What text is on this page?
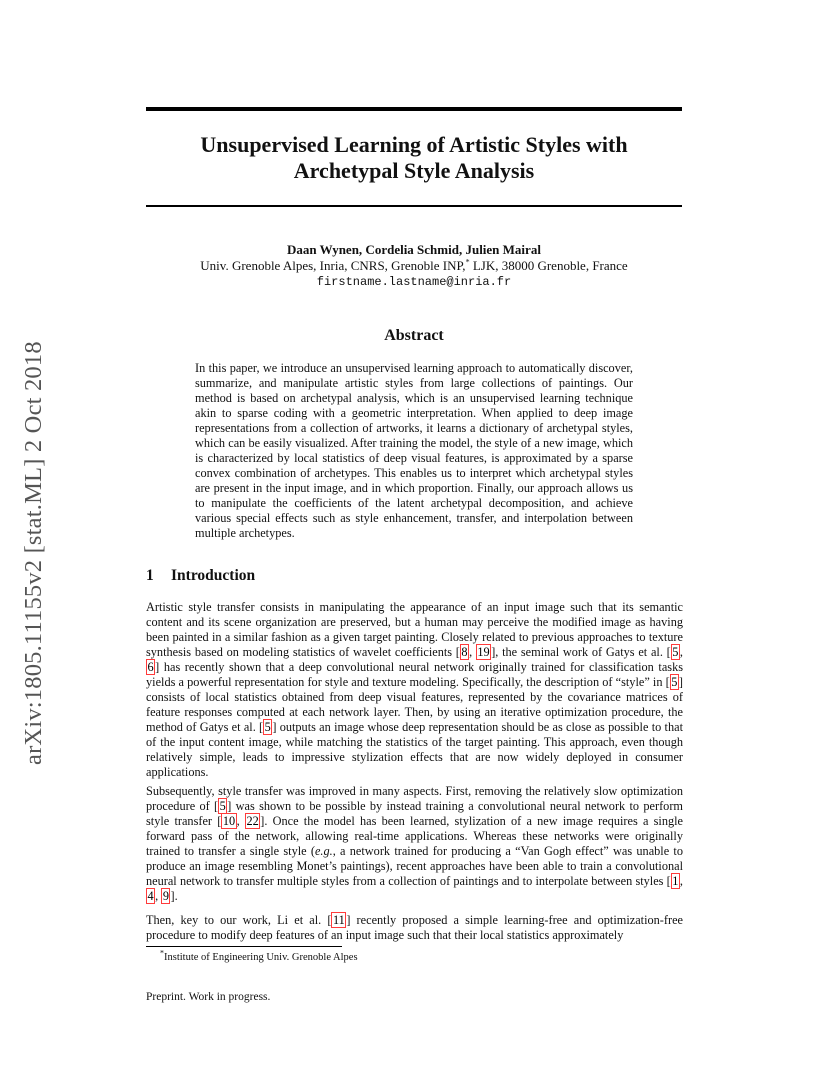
arXiv:1805.11155v2 [stat.ML] 2 Oct 2018
Unsupervised Learning of Artistic Styles with
Archetypal Style Analysis
Daan Wynen, Cordelia Schmid, Julien Mairal
Univ. Grenoble Alpes, Inria, CNRS, Grenoble INP,* LJK, 38000 Grenoble, France
firstname.lastname@inria.fr
Abstract
In this paper, we introduce an unsupervised learning approach to automatically discover, summarize, and manipulate artistic styles from large collections of paintings. Our method is based on archetypal analysis, which is an unsupervised learning technique akin to sparse coding with a geometric interpretation. When applied to deep image representations from a collection of artworks, it learns a dictionary of archetypal styles, which can be easily visualized. After training the model, the style of a new image, which is characterized by local statistics of deep visual features, is approximated by a sparse convex combination of archetypes. This enables us to interpret which archetypal styles are present in the input image, and in which proportion. Finally, our approach allows us to manipulate the coefficients of the latent archetypal decomposition, and achieve various special effects such as style enhancement, transfer, and interpolation between multiple archetypes.
1 Introduction

Artistic style transfer consists in manipulating the appearance of an input image such that its semantic content and its scene organization are preserved, but a human may perceive the modified image as having been painted in a similar fashion as a given target painting. Closely related to previous approaches to texture synthesis based on modeling statistics of wavelet coefficients [ 8 , 19 ], the seminal work of Gatys et al. [ 5 , 6 ] has recently shown that a deep convolutional neural network originally trained for classification tasks yields a powerful representation for style and texture modeling. Specifically, the description of “style” in [ 5 ] consists of local statistics obtained from deep visual features, represented by the covariance matrices of feature responses computed at each network layer. Then, by using an iterative optimization procedure, the method of Gatys et al. [ 5 ] outputs an image whose deep representation should be as close as possible to that of the input content image, while matching the statistics of the target painting. This approach, even though relatively simple, leads to impressive stylization effects that are now widely deployed in consumer applications.

Subsequently, style transfer was improved in many aspects. First, removing the relatively slow optimization procedure of [ 5 ] was shown to be possible by instead training a convolutional neural network to perform style transfer [ 10 , 22 ]. Once the model has been learned, stylization of a new image requires a single forward pass of the network, allowing real-time applications. Whereas these networks were originally trained to transfer a single style (e.g., a network trained for producing a “Van Gogh effect” was unable to produce an image resembling Monet’s paintings), recent approaches have been able to train a convolutional neural network to transfer multiple styles from a collection of paintings and to interpolate between styles [ 1 , 4 , 9 ].

Then, key to our work, Li et al. [ 11 ] recently proposed a simple learning-free and optimization-free procedure to modify deep features of an input image such that their local statistics approximately

*Institute of Engineering Univ. Grenoble Alpes
Preprint. Work in progress.
